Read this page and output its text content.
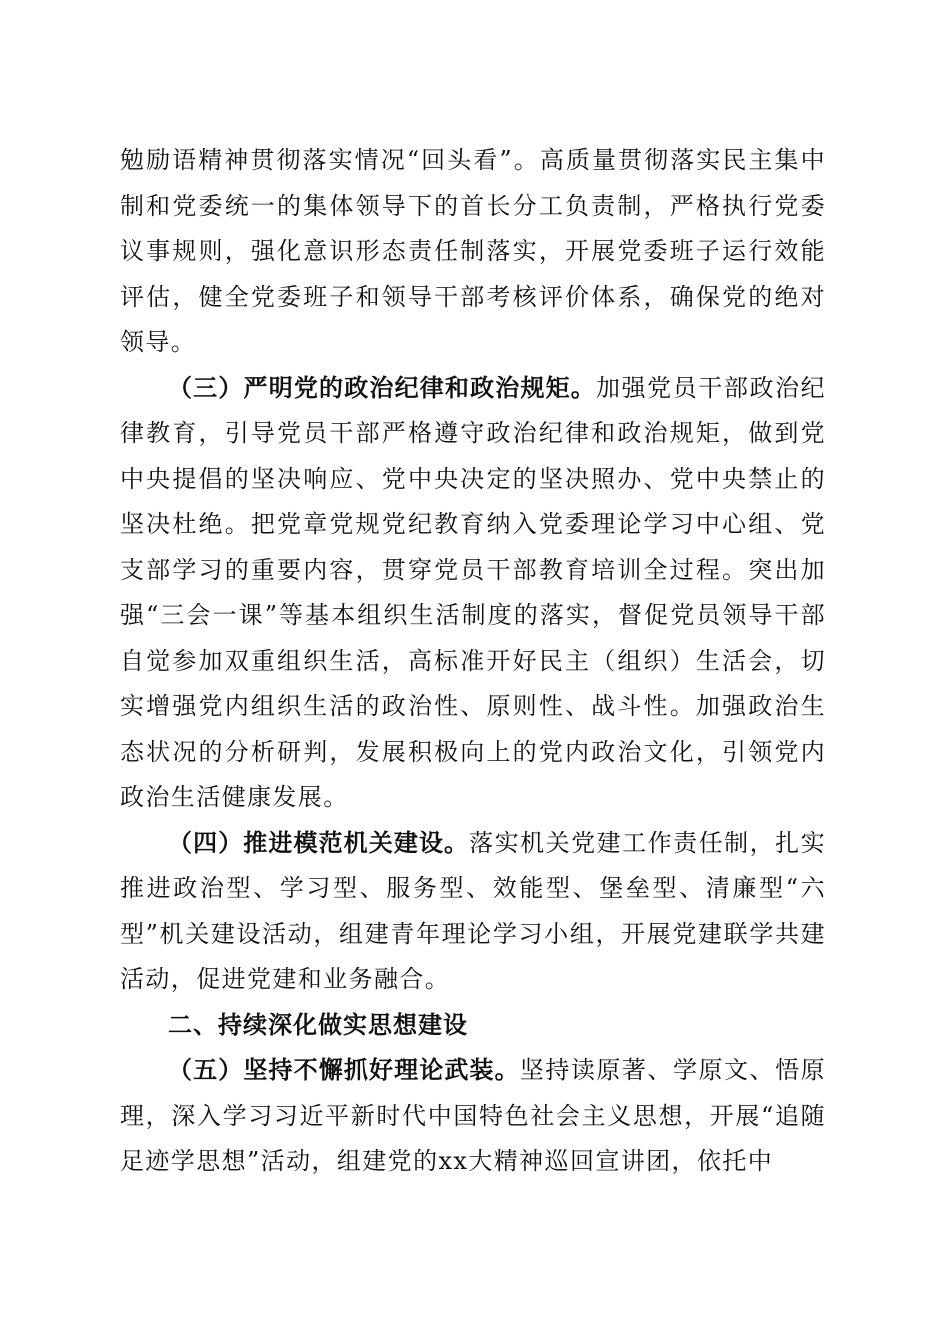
勉励语精神贯彻落实情况“回头看”。高质量贯彻落实民主集中制和党委统一的集体领导下的首长分工负责制，严格执行党委议事规则，强化意识形态责任制落实，开展党委班子运行效能评估，健全党委班子和领导干部考核评价体系，确保党的绝对领导。

（三）严明党的政治纪律和政治规矩。加强党员干部政治纪律教育，引导党员干部严格遵守政治纪律和政治规矩，做到党中央提倡的坚决响应、党中央决定的坚决照办、党中央禁止的坚决杜绝。把党章党规党纪教育纳入党委理论学习中心组、党支部学习的重要内容，贯穿党员干部教育培训全过程。突出加强“三会一课”等基本组织生活制度的落实，督促党员领导干部自觉参加双重组织生活，高标准开好民主（组织）生活会，切实增强党内组织生活的政治性、原则性、战斗性。加强政治生态状况的分析研判，发展积极向上的党内政治文化，引领党内政治生活健康发展。

（四）推进模范机关建设。落实机关党建工作责任制，扎实推进政治型、学习型、服务型、效能型、堡垒型、清廉型“六型”机关建设活动，组建青年理论学习小组，开展党建联学共建活动，促进党建和业务融合。

二、持续深化做实思想建设

（五）坚持不懈抓好理论武装。坚持读原著、学原文、悟原理，深入学习习近平新时代中国特色社会主义思想，开展“追随足迹学思想”活动，组建党的xx大精神巡回宣讲团，依托中
